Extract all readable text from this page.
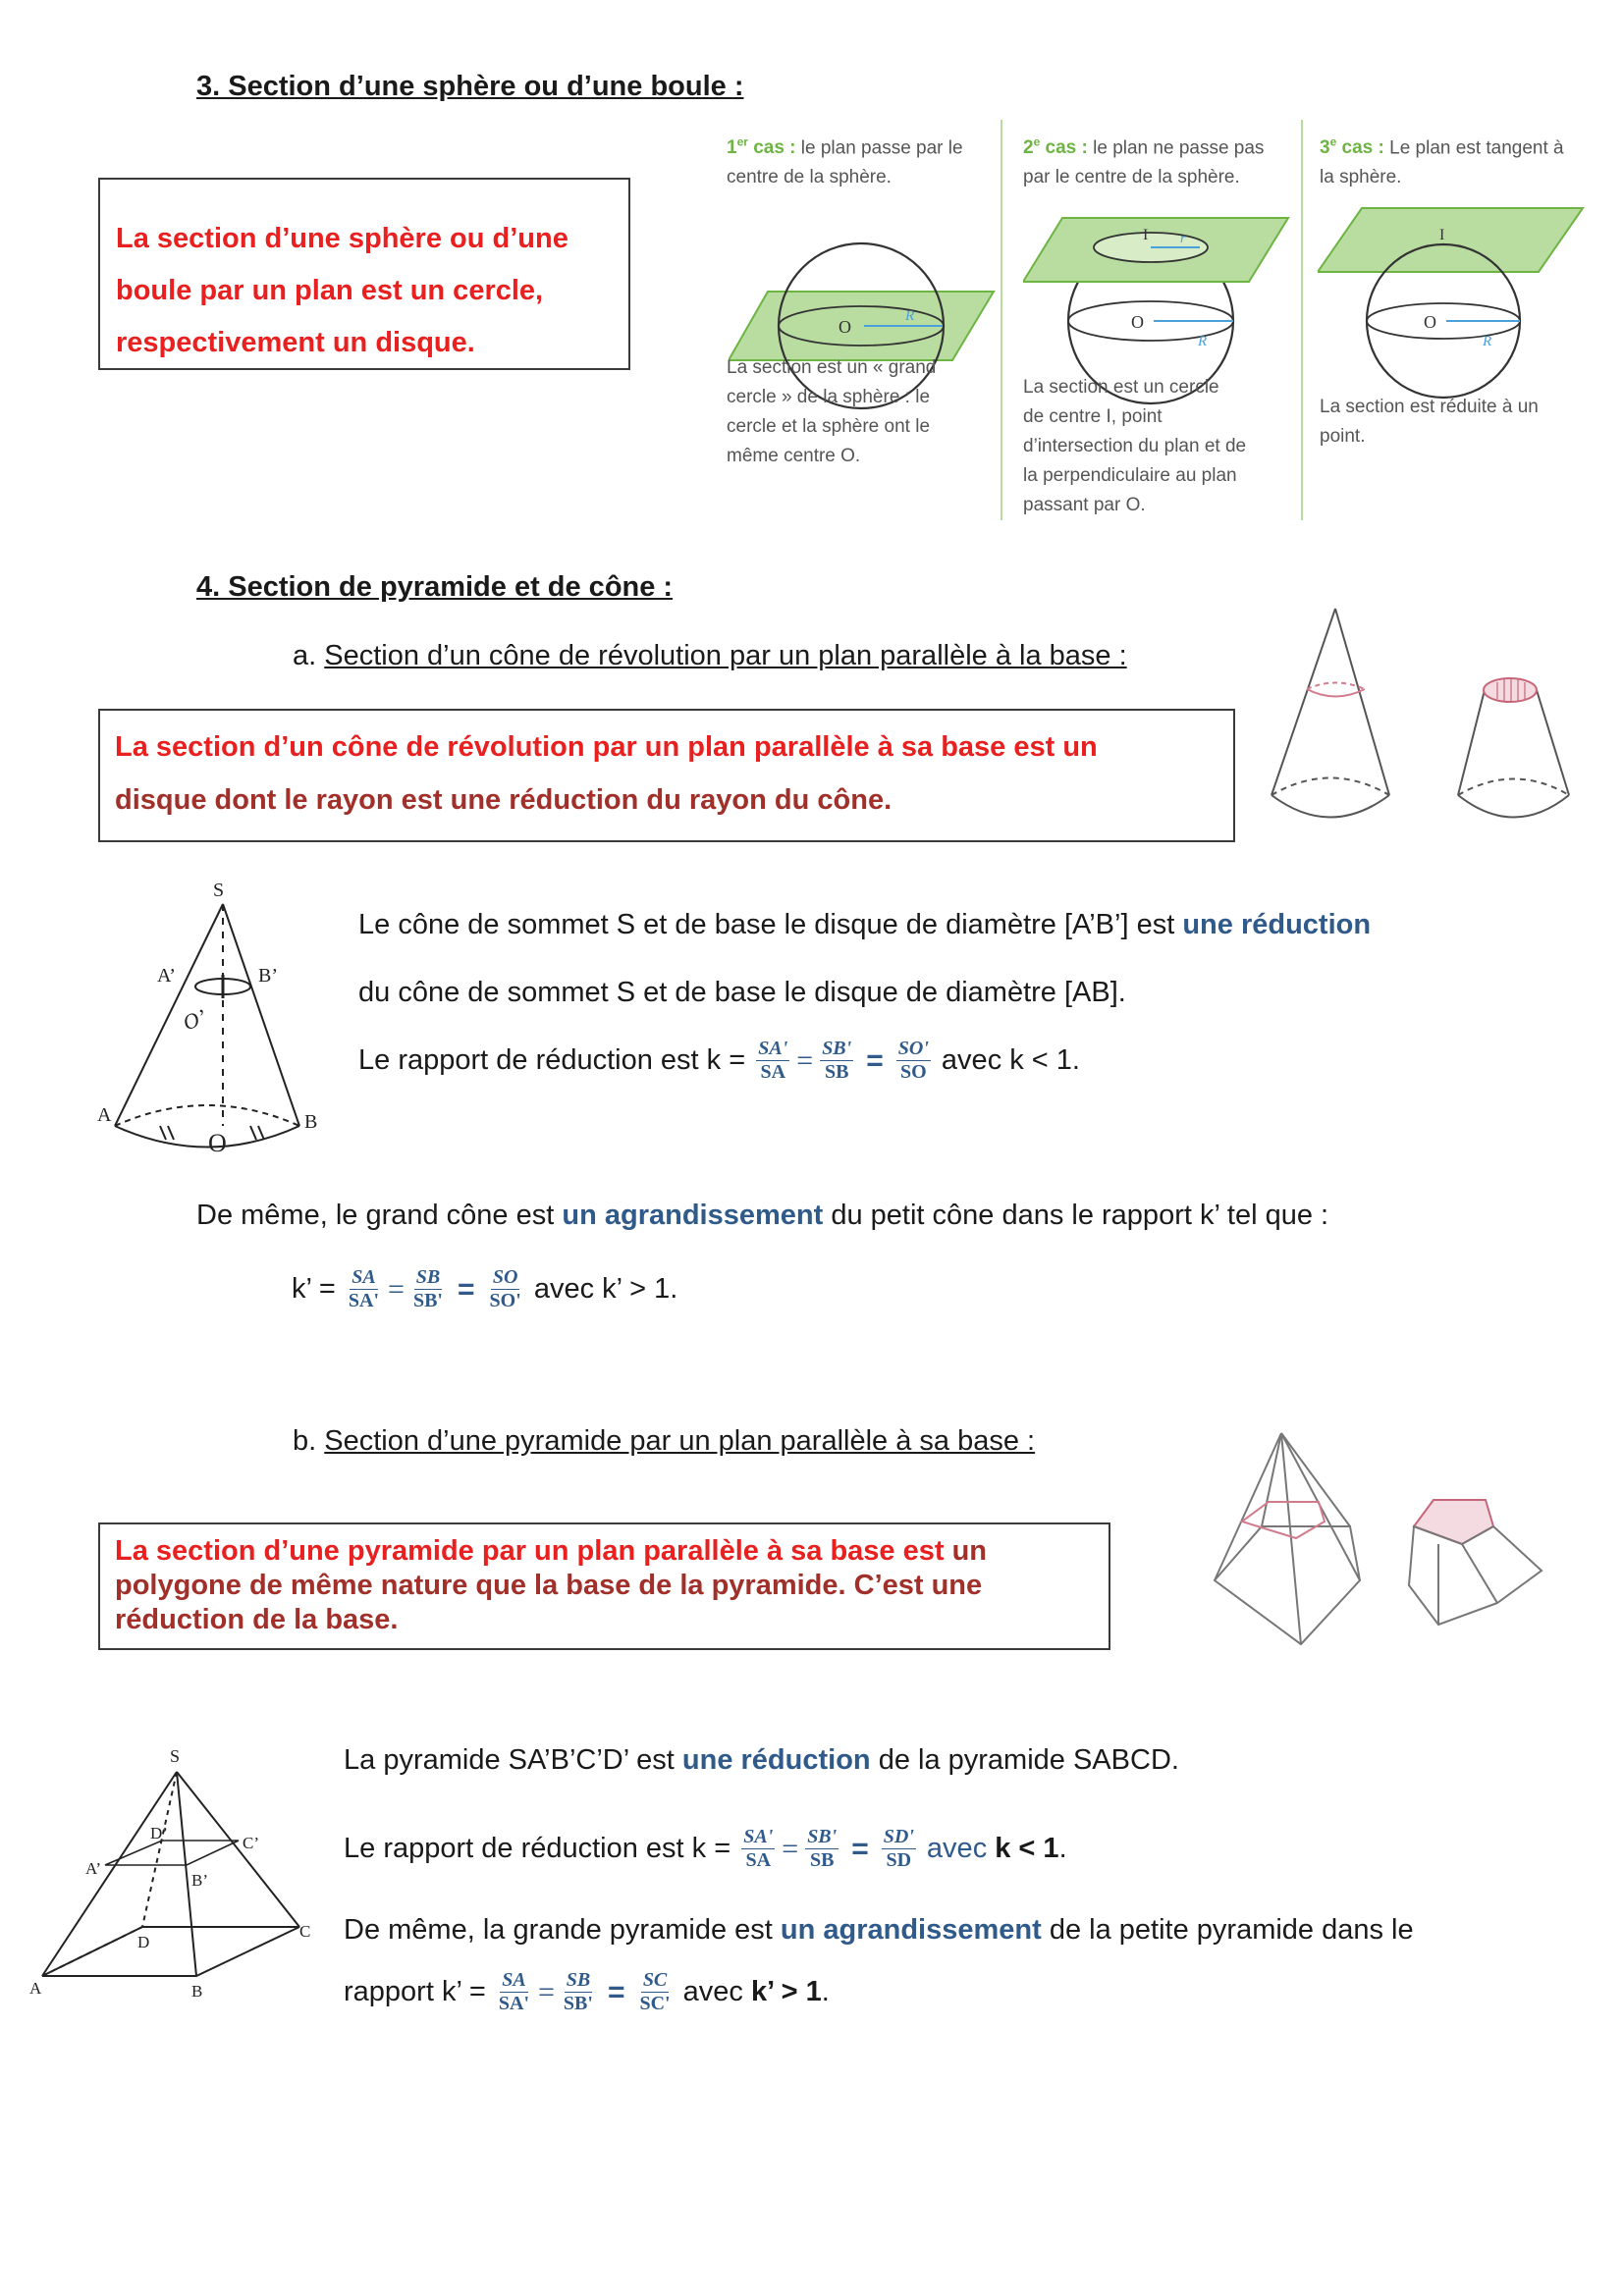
3. Section d’une sphère ou d’une boule :
La section d’une sphère ou d’une
boule par un plan est un cercle,
respectivement un disque.
1er cas : le plan passe par le
centre de la sphère.
O
R
La section est un « grand
cercle » de la sphère : le
cercle et la sphère ont le
même centre O.
2e cas : le plan ne passe pas
par le centre de la sphère.
O
I r
R
La section est un cercle
de centre I, point
d’intersection du plan et de
la perpendiculaire au plan
passant par O.
3e cas : Le plan est tangent à
la sphère.
O
I
R
La section est réduite à un
point.
4. Section de pyramide et de cône :
a. Section d’un cône de révolution par un plan parallèle à la base :
La section d’un cône de révolution par un plan parallèle à sa base est un
disque dont le rayon est une réduction du rayon du cône.
S
A’	B’
O’
A	B
O
Le cône de sommet S et de base le disque de diamètre [A’B’] est une réduction
du cône de sommet S et de base le disque de diamètre [AB].
Le rapport de réduction est $k = \frac{SA'}{SA} = \frac{SB'}{SB} = \frac{SO'}{SO}$ avec k < 1.
De même, le grand cône est un agrandissement du petit cône dans le rapport k’ tel que :
k’ = $\frac{SA}{SA'} = \frac{SB}{SB'} = \frac{SO}{SO'}$ avec k’ > 1.
b. Section d’une pyramide par un plan parallèle à sa base :
La section d’une pyramide par un plan parallèle à sa base est un
polygone de même nature que la base de la pyramide. C’est une
réduction de la base.
S
D’
C’
A’
B’
D
C
A	B
La pyramide SA’B’C’D’ est une réduction de la pyramide SABCD.
Le rapport de réduction est $k = \frac{SA'}{SA} = \frac{SB'}{SB} = \frac{SD'}{SD}$ avec k < 1.
De même, la grande pyramide est un agrandissement de la petite pyramide dans le
rapport k’ = $\frac{SA}{SA'} = \frac{SB}{SB'} = \frac{SC}{SC'}$ avec k’ > 1.
